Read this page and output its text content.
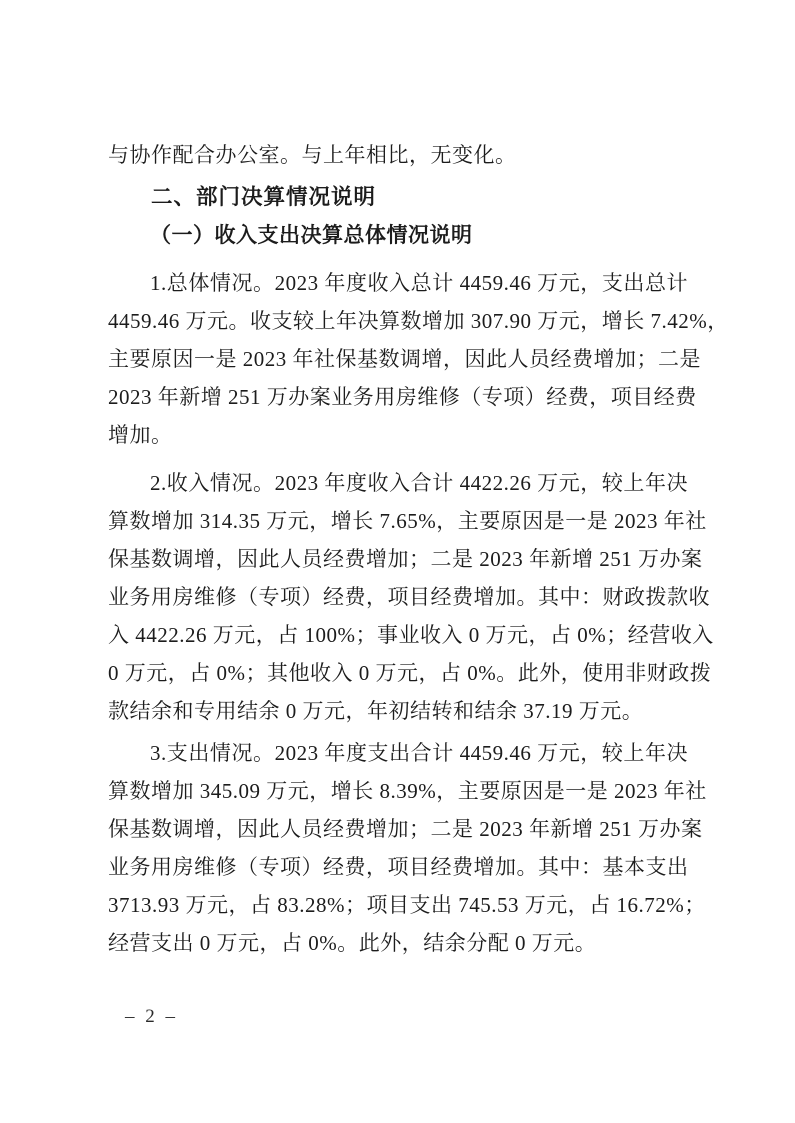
与协作配合办公室。与上年相比，无变化。
二、部门决算情况说明
（一）收入支出决算总体情况说明
1.总体情况。2023 年度收入总计 4459.46 万元，支出总计
4459.46 万元。收支较上年决算数增加 307.90 万元，增长 7.42%，
主要原因一是 2023 年社保基数调增，因此人员经费增加；二是
2023 年新增 251 万办案业务用房维修（专项）经费，项目经费
增加。
2.收入情况。2023 年度收入合计 4422.26 万元，较上年决
算数增加 314.35 万元，增长 7.65%，主要原因是一是 2023 年社
保基数调增，因此人员经费增加；二是 2023 年新增 251 万办案
业务用房维修（专项）经费，项目经费增加。其中：财政拨款收
入 4422.26 万元，占 100%；事业收入 0 万元，占 0%；经营收入
0 万元，占 0%；其他收入 0 万元，占 0%。此外，使用非财政拨
款结余和专用结余 0 万元，年初结转和结余 37.19 万元。
3.支出情况。2023 年度支出合计 4459.46 万元，较上年决
算数增加 345.09 万元，增长 8.39%，主要原因是一是 2023 年社
保基数调增，因此人员经费增加；二是 2023 年新增 251 万办案
业务用房维修（专项）经费，项目经费增加。其中：基本支出
3713.93 万元，占 83.28%；项目支出 745.53 万元，占 16.72%；
经营支出 0 万元，占 0%。此外，结余分配 0 万元。
– 2 –
